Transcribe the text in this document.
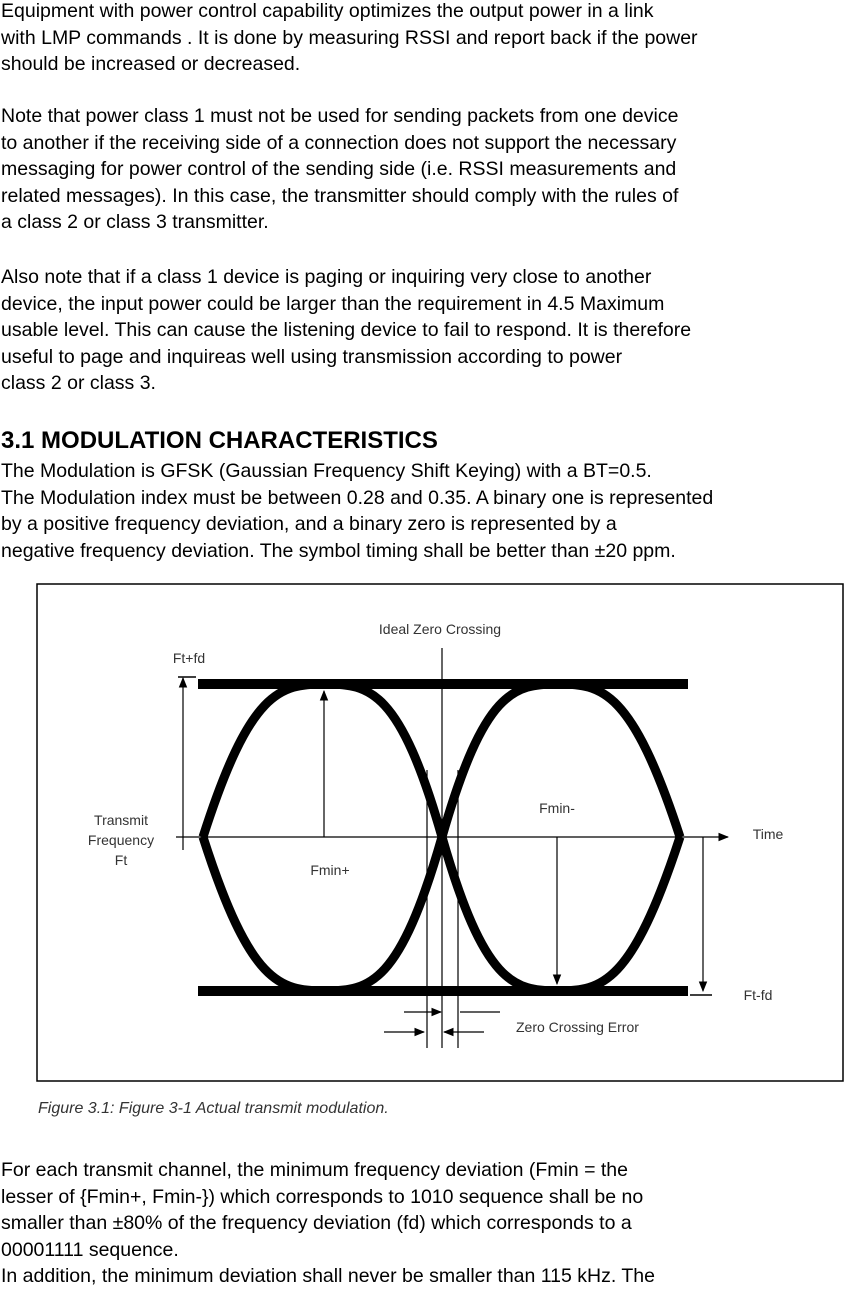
Equipment with power control capability optimizes the output power in a link
with LMP commands . It is done by measuring RSSI and report back if the power
should be increased or decreased.
Note that power class 1 must not be used for sending packets from one device
to another if the receiving side of a connection does not support the necessary
messaging for power control of the sending side (i.e. RSSI measurements and
related messages). In this case, the transmitter should comply with the rules of
a class 2 or class 3 transmitter.
Also note that if a class 1 device is paging or inquiring very close to another
device, the input power could be larger than the requirement in 4.5 Maximum
usable level. This can cause the listening device to fail to respond. It is therefore
useful to page and inquireas well using transmission according to power
class 2 or class 3.
3.1 MODULATION CHARACTERISTICS
The Modulation is GFSK (Gaussian Frequency Shift Keying) with a BT=0.5.
The Modulation index must be between 0.28 and 0.35. A binary one is represented
by a positive frequency deviation, and a binary zero is represented by a
negative frequency deviation. The symbol timing shall be better than ±20 ppm.
Ideal Zero Crossing
Ft+fd
Transmit
Frequency
Ft
Fmin+
Fmin-
Time
Ft-fd
Zero Crossing Error
Figure 3.1: Figure 3-1 Actual transmit modulation.
For each transmit channel, the minimum frequency deviation (Fmin = the
lesser of {Fmin+, Fmin-}) which corresponds to 1010 sequence shall be no
smaller than ±80% of the frequency deviation (fd) which corresponds to a
00001111 sequence.
In addition, the minimum deviation shall never be smaller than 115 kHz. The
